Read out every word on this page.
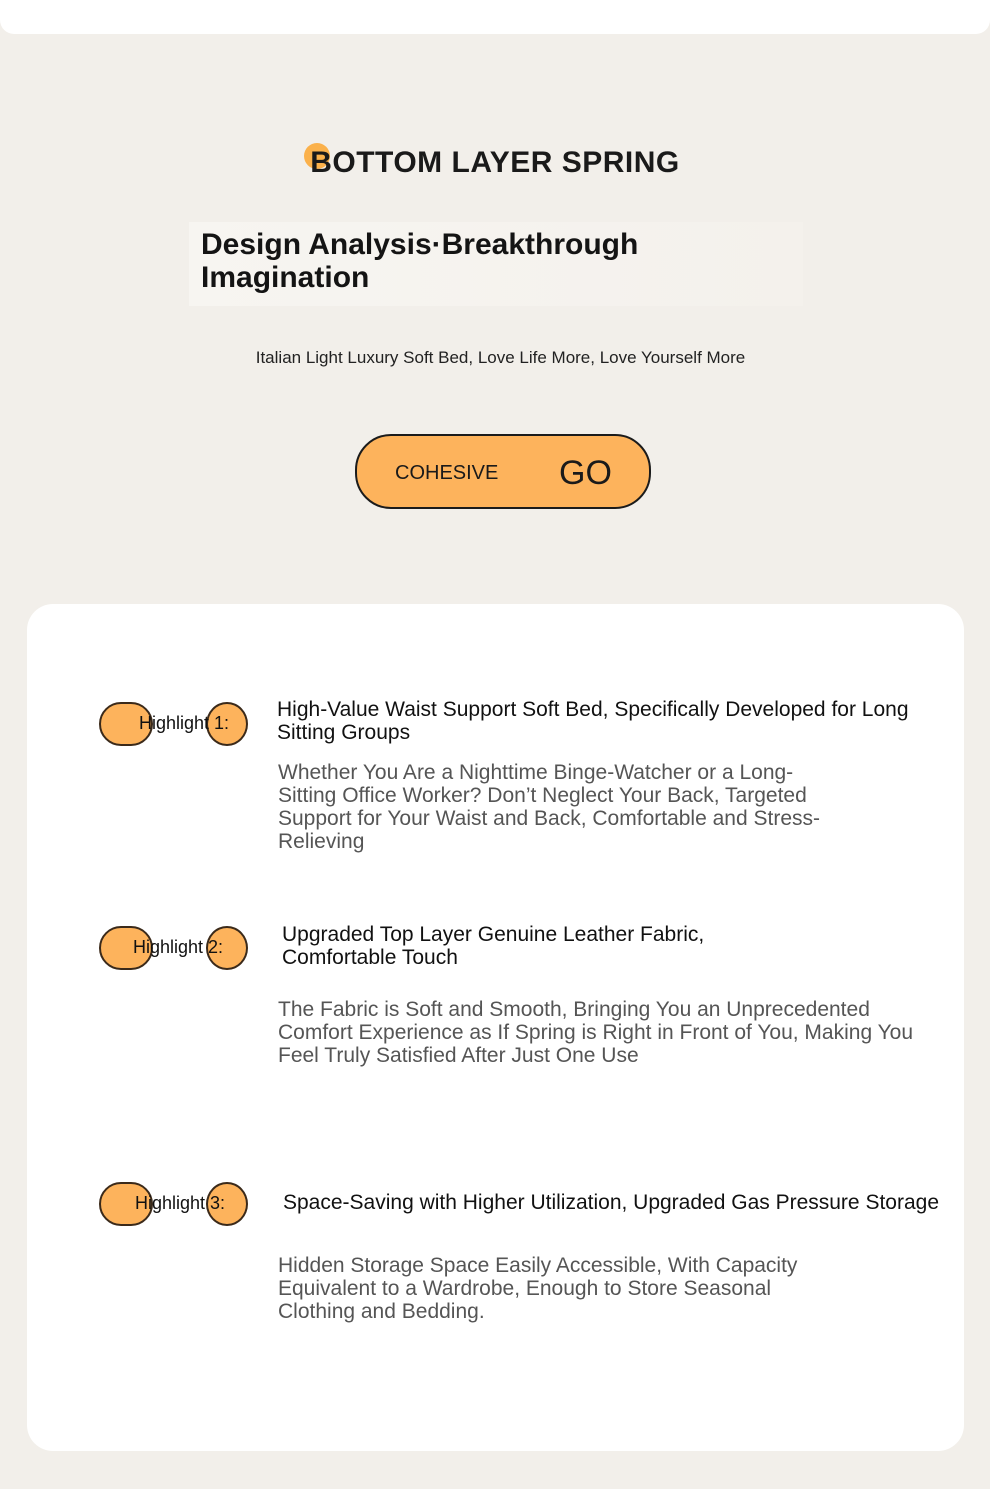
BOTTOM LAYER SPRING
Design Analysis·Breakthrough Imagination
Italian Light Luxury Soft Bed, Love Life More, Love Yourself More
COHESIVE GO
Highlight 1:
High-Value Waist Support Soft Bed, Specifically Developed for Long Sitting Groups
Whether You Are a Nighttime Binge-Watcher or a Long-Sitting Office Worker? Don’t Neglect Your Back, Targeted Support for Your Waist and Back, Comfortable and Stress-Relieving
Highlight 2:
Upgraded Top Layer Genuine Leather Fabric, Comfortable Touch
The Fabric is Soft and Smooth, Bringing You an Unprecedented Comfort Experience as If Spring is Right in Front of You, Making You Feel Truly Satisfied After Just One Use
Highlight 3:	Space-Saving with Higher Utilization, Upgraded Gas Pressure Storage
Hidden Storage Space Easily Accessible, With Capacity Equivalent to a Wardrobe, Enough to Store Seasonal Clothing and Bedding.
